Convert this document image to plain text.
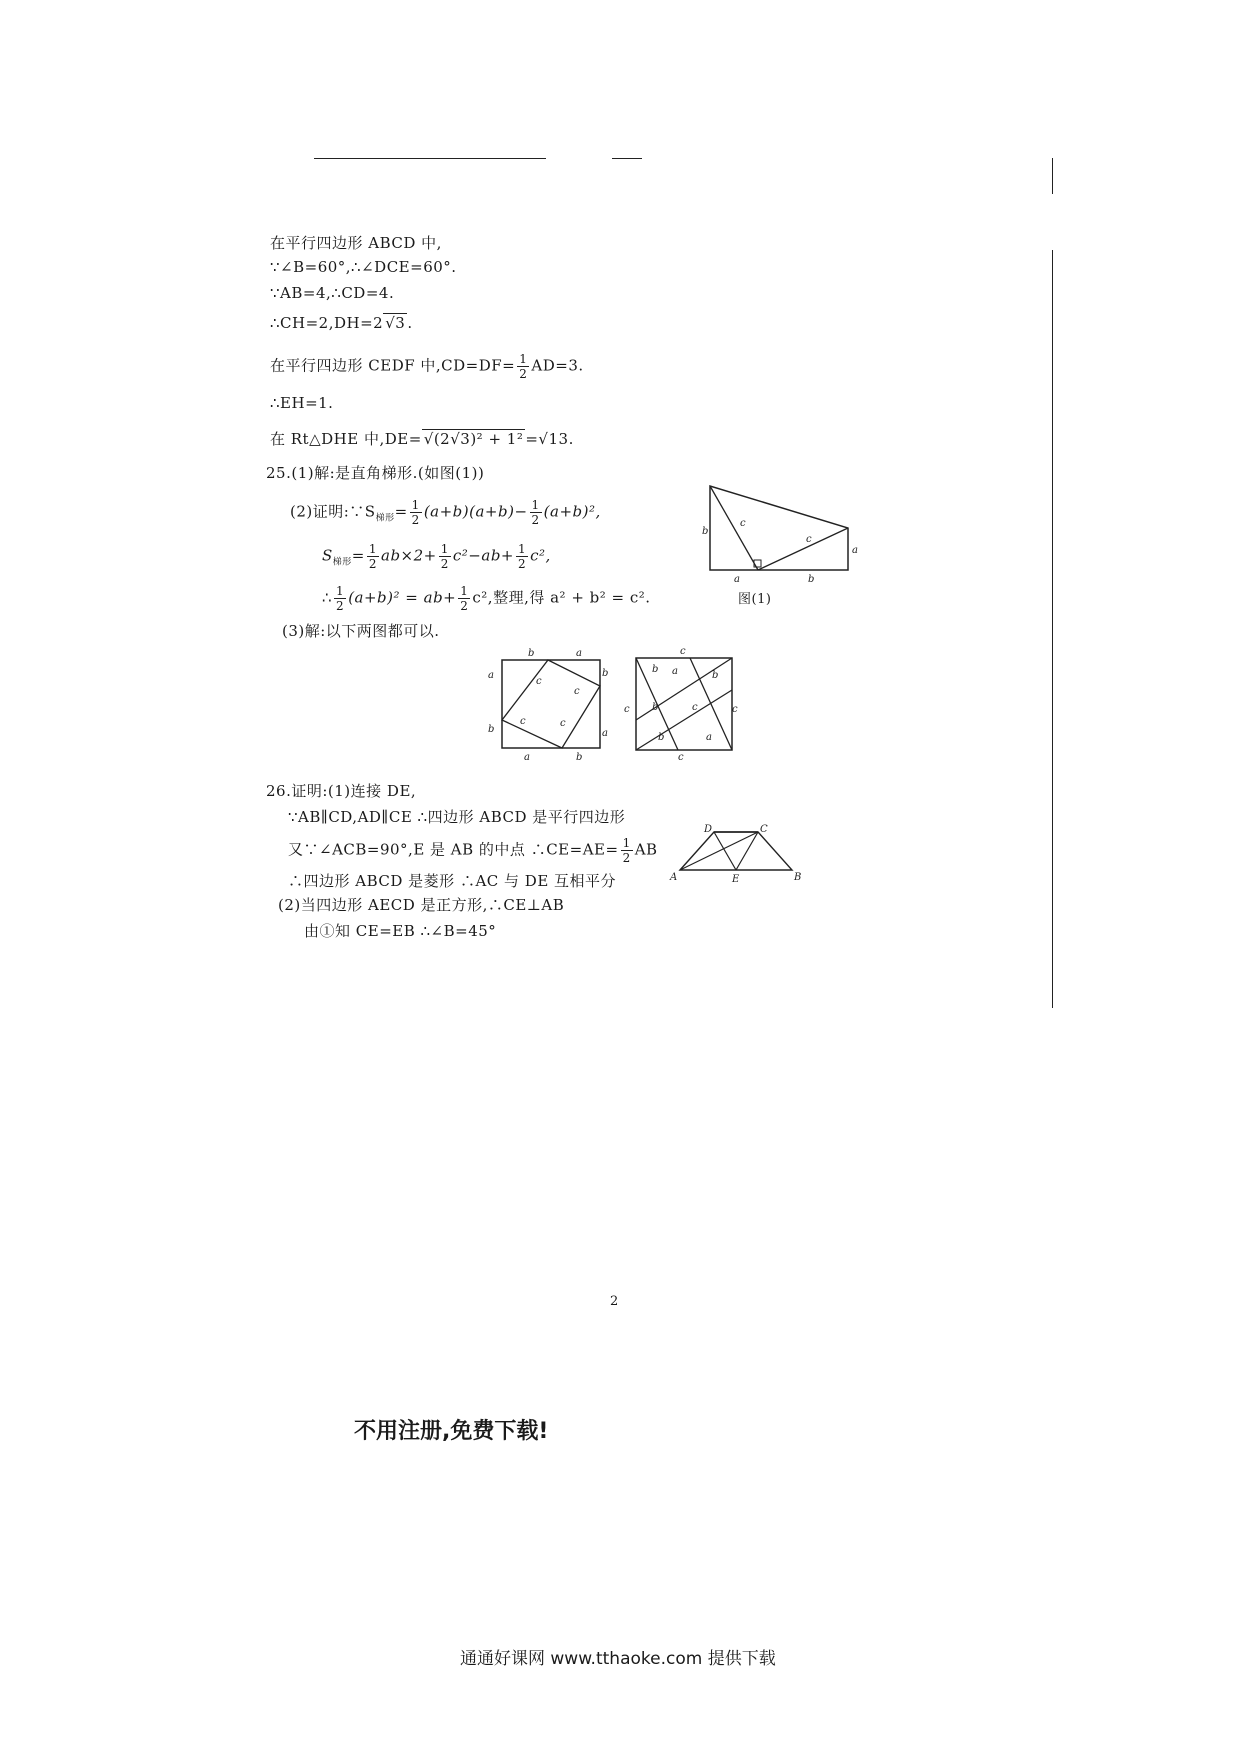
在平行四边形 ABCD 中,
∵∠B=60°,∴∠DCE=60°.
∵AB=4,∴CD=4.
∴CH=2,DH=2 √3 .
在平行四边形 CEDF 中$,CD=DF= \frac{1}{2} AD=3$.
∴EH=1.
在 Rt△DHE 中,DE= √(2√3)² + 1² =√13.
25.(1)解:是直角梯形.(如图(1))
(2)证明$:\because S_{梯形}= \frac{1}{2} (a+b)(a+b)- \frac{1}{2} (a+b)^2$,
$S_{梯形}= \frac{1}{2} ab\times 2+ \frac{1}{2} c^2-ab+ \frac{1}{2} c^2$,
∴ $\frac{1}{2} (a+b)^2 = ab+ \frac{1}{2} c^2$,整理,得 a² + b² = c².
(3)解:以下两图都可以.
b
c
c
a
a	b
图(1)
b	a
a	b
b	a
a	b
c
c
c	c
c
b a
c b	c
b
c
b	a
c
26.证明:(1)连接 DE,
∵AB∥CD,AD∥CE ∴四边形 ABCD 是平行四边形
又∵∠ACB=90°,E 是 AB 的中点 ∴CE=AE= $\frac{1}{2}$ AB
∴四边形 ABCD 是菱形 ∴AC 与 DE 互相平分
(2)当四边形 AECD 是正方形,∴CE⊥AB
由①知 CE=EB ∴∠B=45°
D	C
A	E	B
2
不用注册,免费下载!
通通好课网 www.tthaoke.com 提供下载
